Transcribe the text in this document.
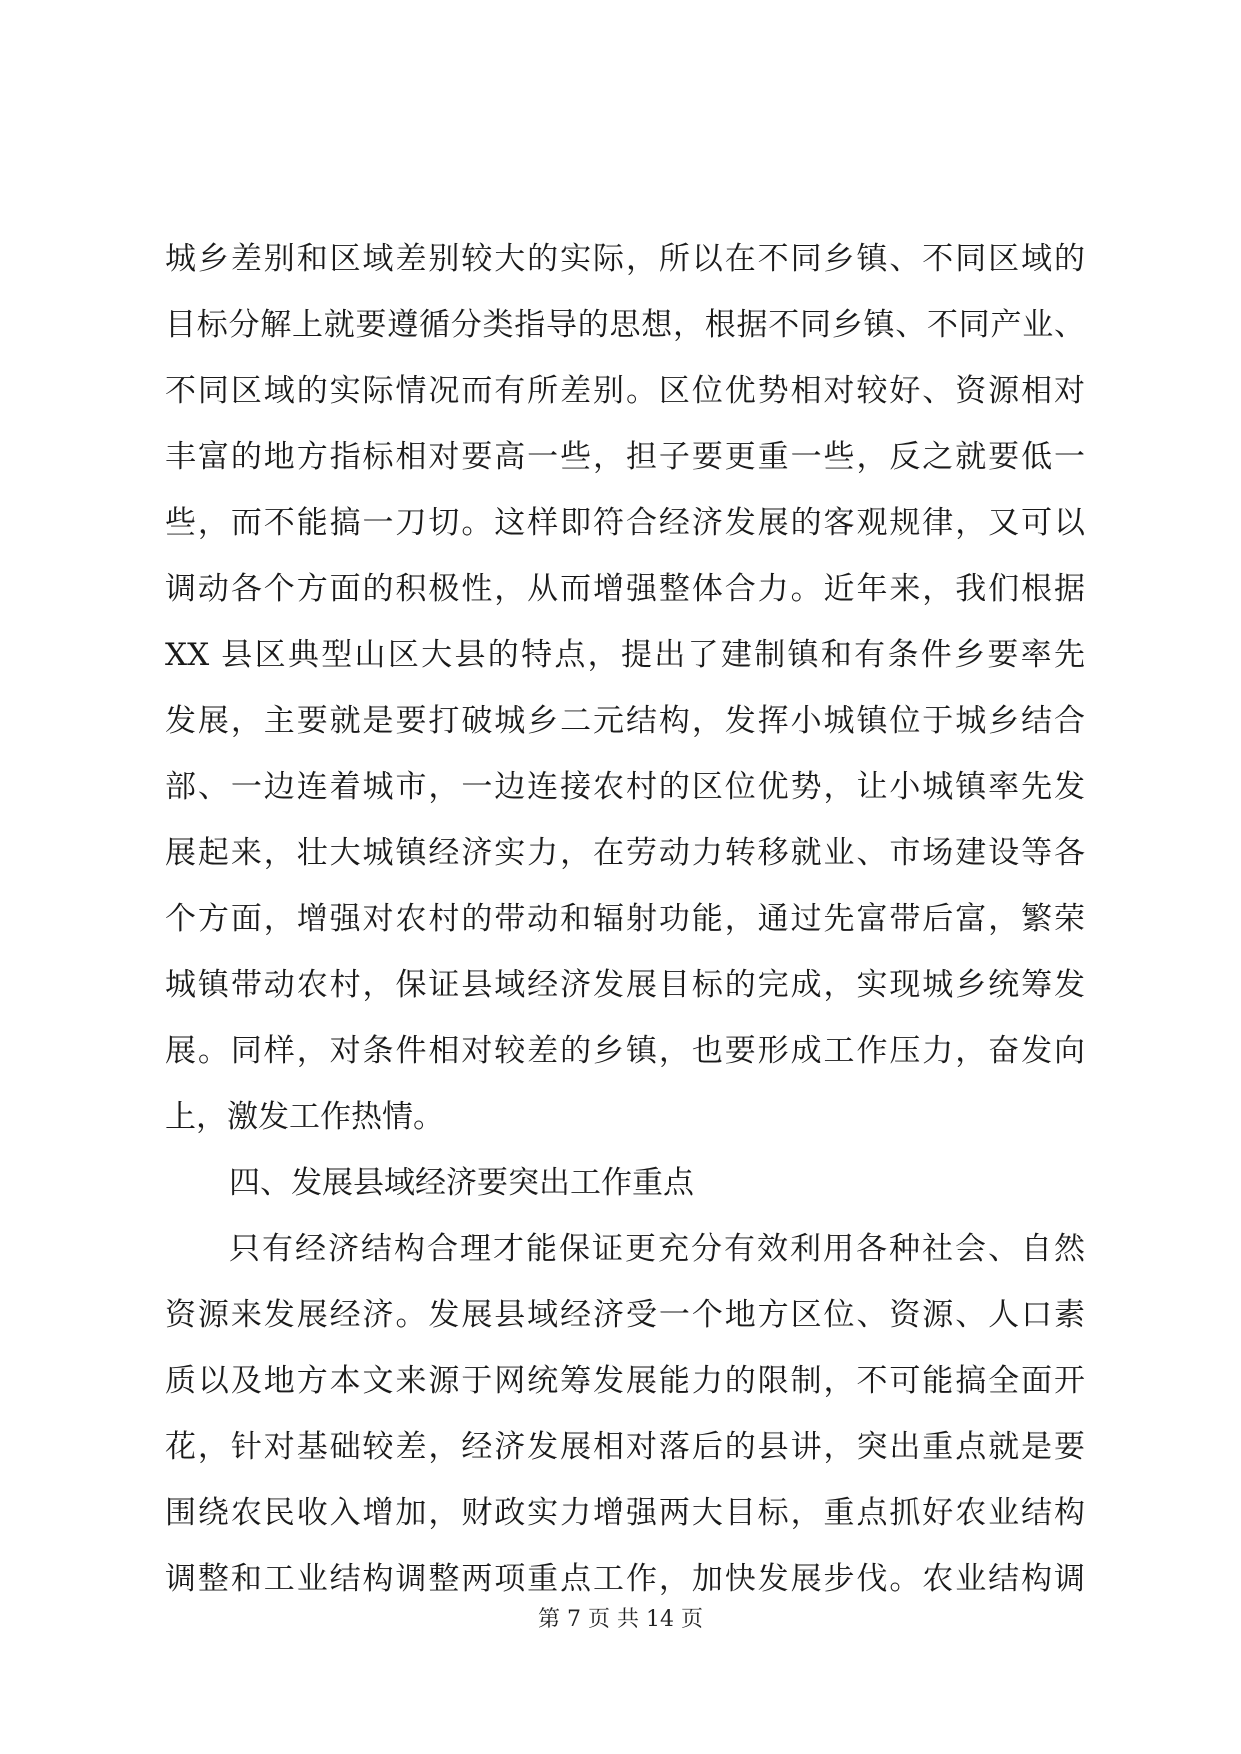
城乡差别和区域差别较大的实际，所以在不同乡镇、不同区域的
目标分解上就要遵循分类指导的思想，根据不同乡镇、不同产业、
不同区域的实际情况而有所差别。区位优势相对较好、资源相对
丰富的地方指标相对要高一些，担子要更重一些，反之就要低一
些，而不能搞一刀切。这样即符合经济发展的客观规律，又可以
调动各个方面的积极性，从而增强整体合力。近年来，我们根据
XX 县区典型山区大县的特点，提出了建制镇和有条件乡要率先
发展，主要就是要打破城乡二元结构，发挥小城镇位于城乡结合
部、一边连着城市，一边连接农村的区位优势，让小城镇率先发
展起来，壮大城镇经济实力，在劳动力转移就业、市场建设等各
个方面，增强对农村的带动和辐射功能，通过先富带后富，繁荣
城镇带动农村，保证县域经济发展目标的完成，实现城乡统筹发
展。同样，对条件相对较差的乡镇，也要形成工作压力，奋发向
上，激发工作热情。
四、发展县域经济要突出工作重点
只有经济结构合理才能保证更充分有效利用各种社会、自然
资源来发展经济。发展县域经济受一个地方区位、资源、人口素
质以及地方本文来源于网统筹发展能力的限制，不可能搞全面开
花，针对基础较差，经济发展相对落后的县讲，突出重点就是要
围绕农民收入增加，财政实力增强两大目标，重点抓好农业结构
调整和工业结构调整两项重点工作，加快发展步伐。农业结构调
第 7 页 共 14 页
